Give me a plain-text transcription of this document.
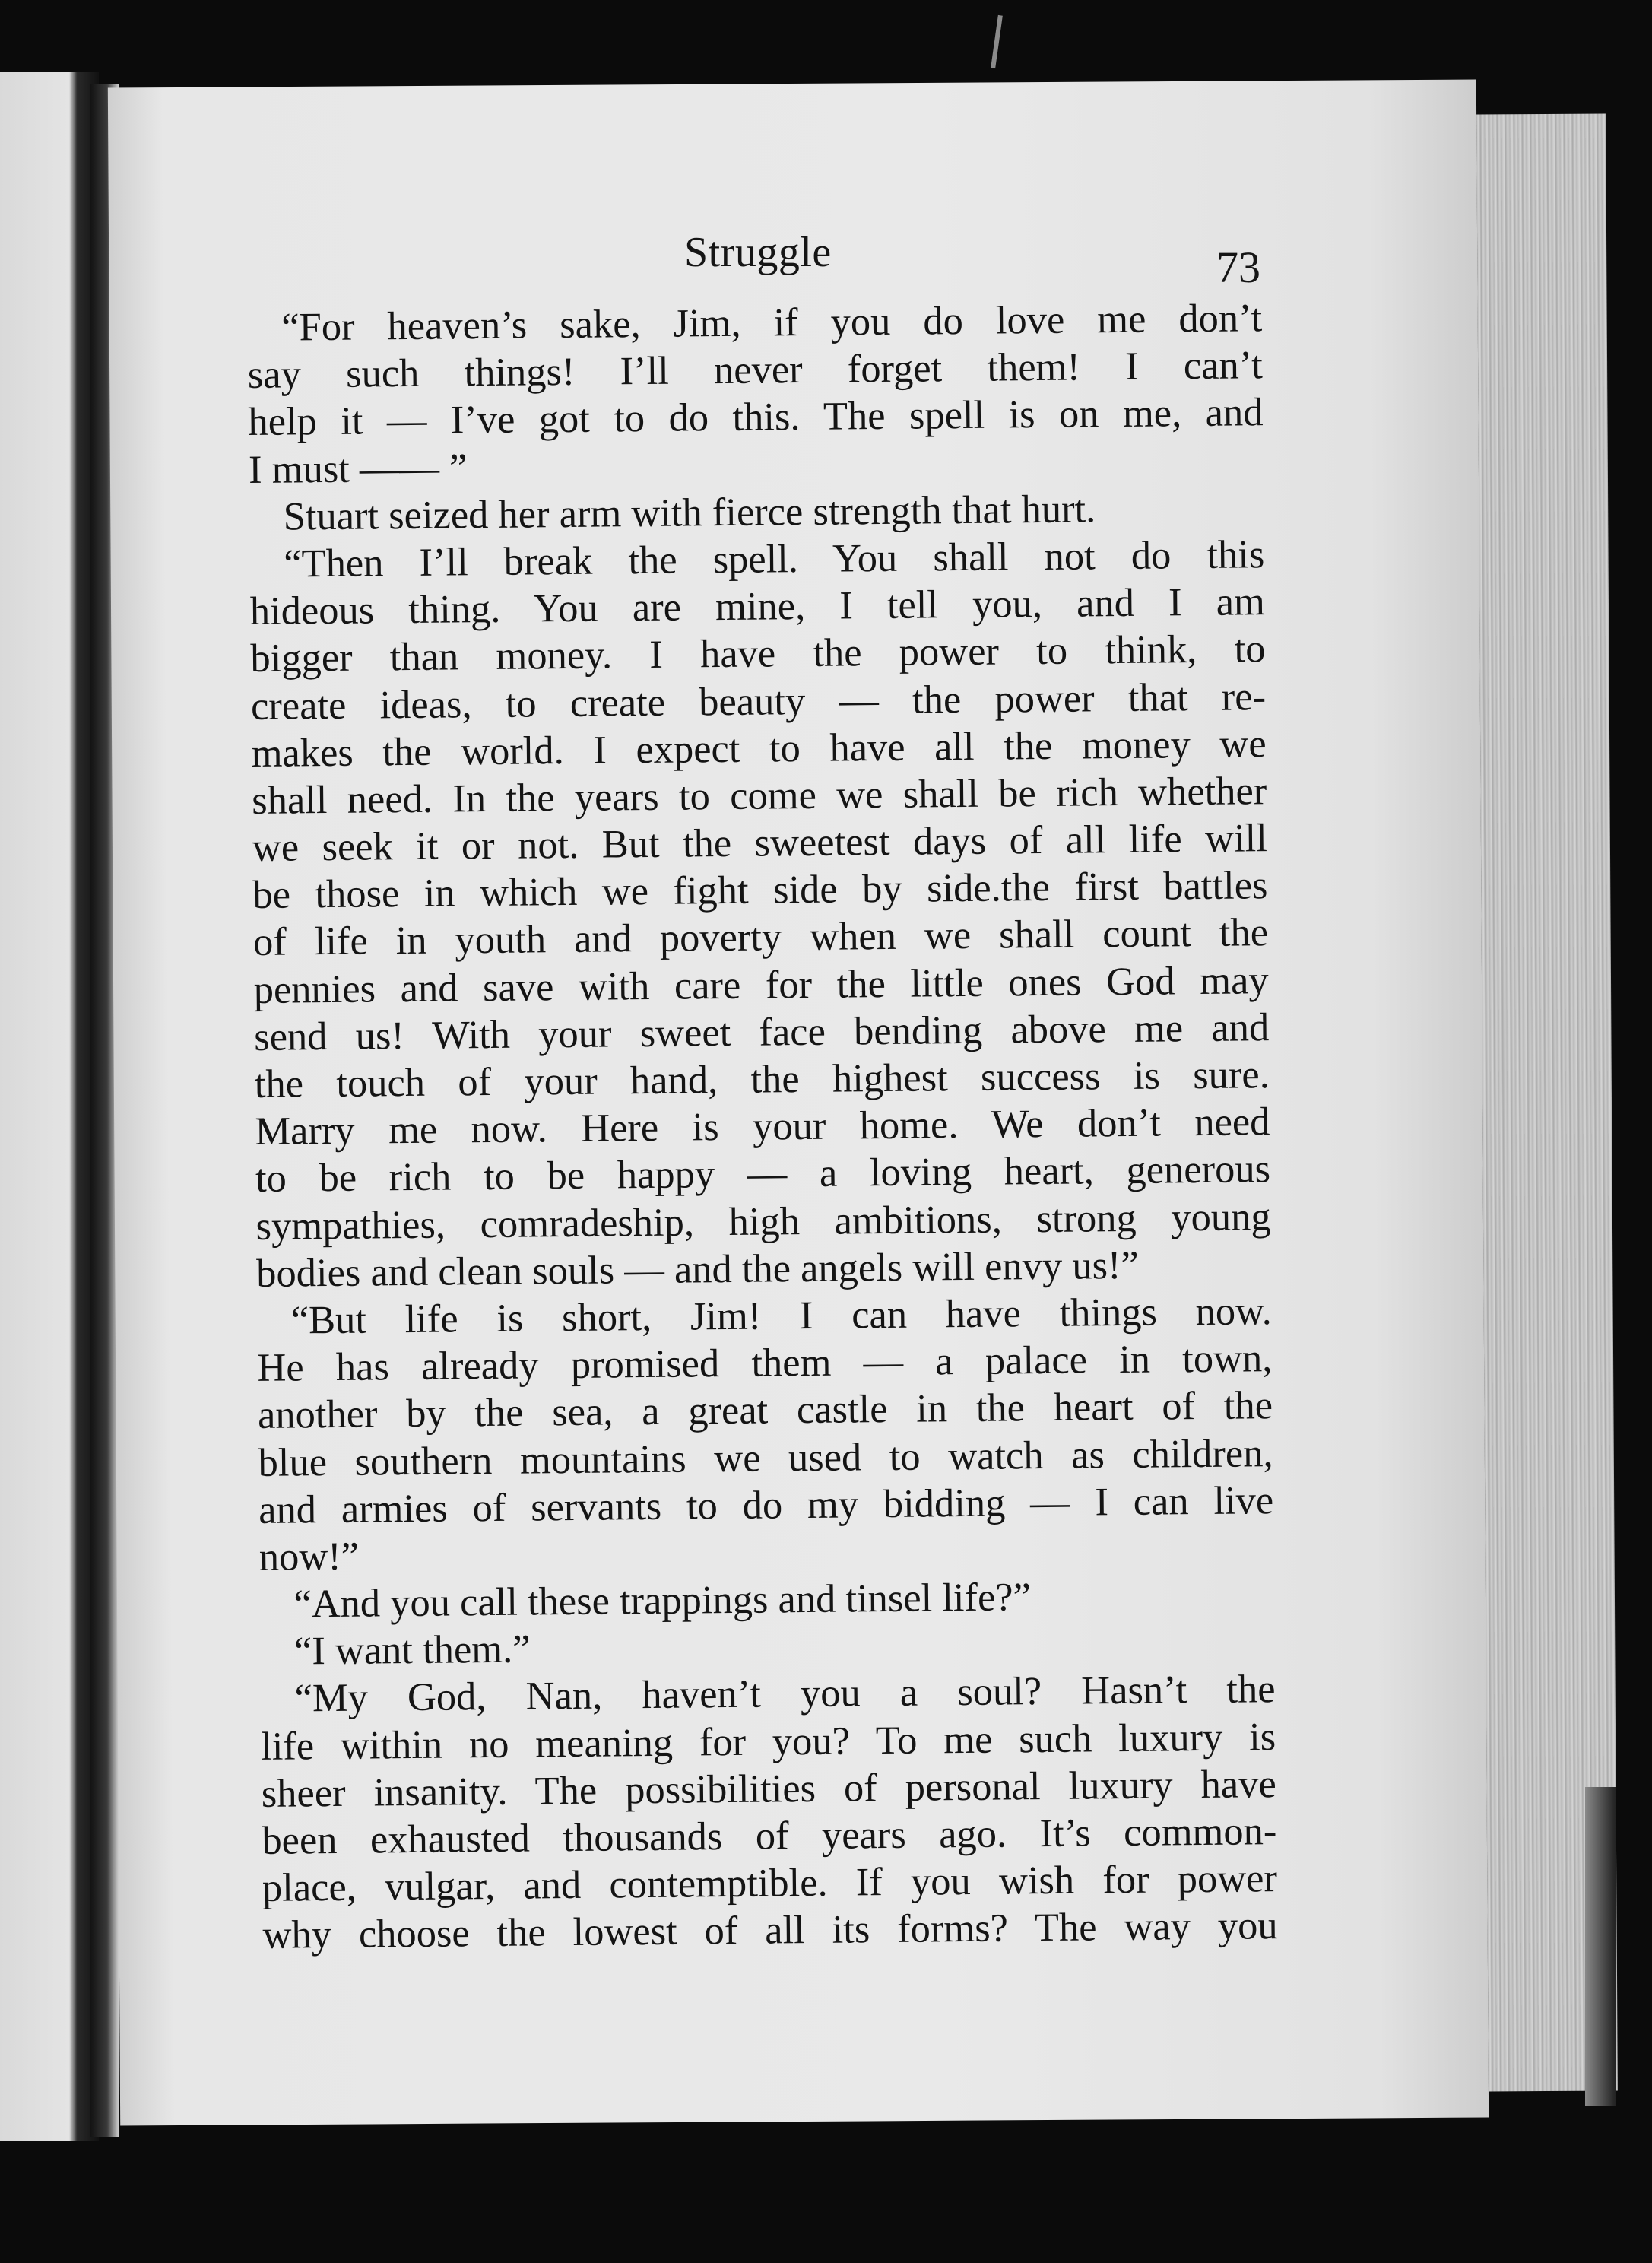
Struggle	73
“For heaven’s sake, Jim, if you do love me don’t
say such things! I’ll never forget them! I can’t
help it — I’ve got to do this. The spell is on me, and
I must —— ”
Stuart seized her arm with fierce strength that hurt.
“Then I’ll break the spell. You shall not do this
hideous thing. You are mine, I tell you, and I am
bigger than money. I have the power to think, to
create ideas, to create beauty — the power that re-
makes the world. I expect to have all the money we
shall need. In the years to come we shall be rich whether
we seek it or not. But the sweetest days of all life will
be those in which we fight side by side.the first battles
of life in youth and poverty when we shall count the
pennies and save with care for the little ones God may
send us! With your sweet face bending above me and
the touch of your hand, the highest success is sure.
Marry me now. Here is your home. We don’t need
to be rich to be happy — a loving heart, generous
sympathies, comradeship, high ambitions, strong young
bodies and clean souls — and the angels will envy us!”
“But life is short, Jim! I can have things now.
He has already promised them — a palace in town,
another by the sea, a great castle in the heart of the
blue southern mountains we used to watch as children,
and armies of servants to do my bidding — I can live
now!”
“And you call these trappings and tinsel life?”
“I want them.”
“My God, Nan, haven’t you a soul? Hasn’t the
life within no meaning for you? To me such luxury is
sheer insanity. The possibilities of personal luxury have
been exhausted thousands of years ago. It’s common-
place, vulgar, and contemptible. If you wish for power
why choose the lowest of all its forms? The way you
